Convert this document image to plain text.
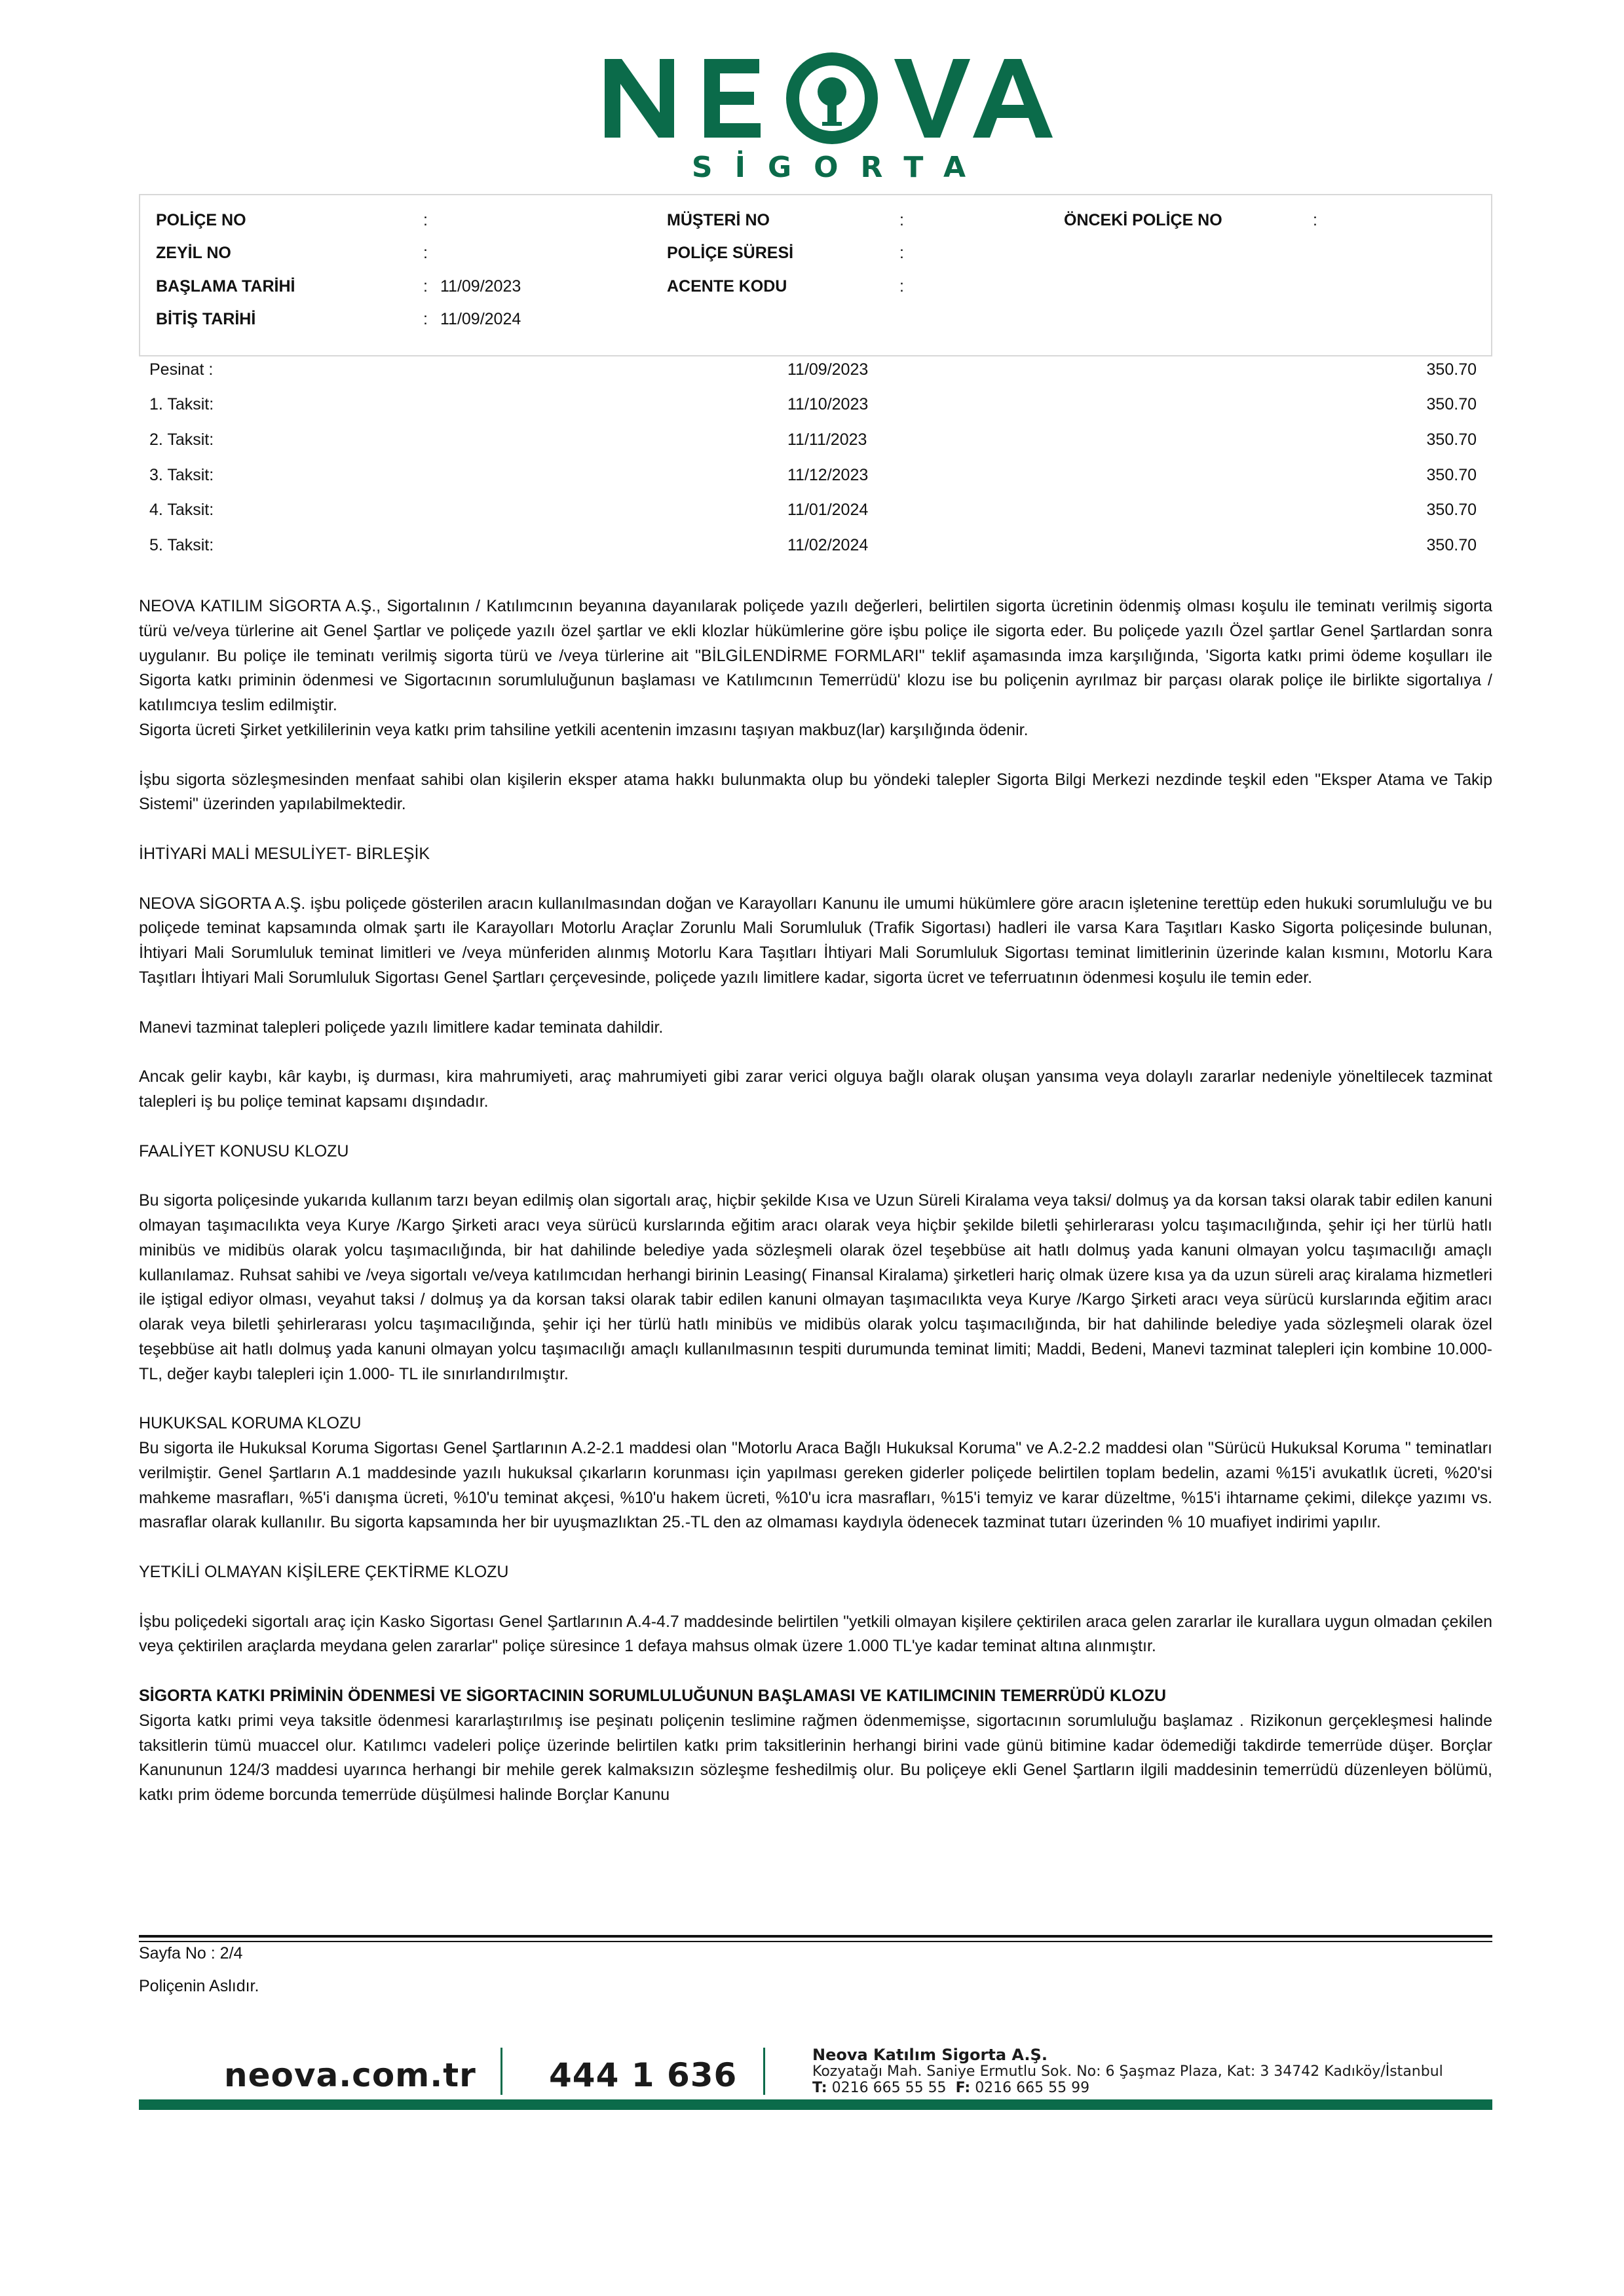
SİGORTA
POLİÇE NO	:	MÜŞTERİ NO	:	ÖNCEKİ POLİÇE NO	:
ZEYİL NO	:	POLİÇE SÜRESİ	:
BAŞLAMA TARİHİ	: 11/09/2023	ACENTE KODU	:
BİTİŞ TARİHİ	: 11/09/2024
Pesinat :	11/09/2023	350.70
1. Taksit:	11/10/2023	350.70
2. Taksit:	11/11/2023	350.70
3. Taksit:	11/12/2023	350.70
4. Taksit:	11/01/2024	350.70
5. Taksit:	11/02/2024	350.70

NEOVA KATILIM SİGORTA A.Ş., Sigortalının / Katılımcının beyanına dayanılarak poliçede yazılı değerleri, belirtilen sigorta ücretinin ödenmiş olması koşulu ile teminatı verilmiş sigorta türü ve/veya türlerine ait Genel Şartlar ve poliçede yazılı özel şartlar ve ekli klozlar hükümlerine göre işbu poliçe ile sigorta eder. Bu poliçede yazılı Özel şartlar Genel Şartlardan sonra uygulanır. Bu poliçe ile teminatı verilmiş sigorta türü ve /veya türlerine ait "BİLGİLENDİRME FORMLARI" teklif aşamasında imza karşılığında, 'Sigorta katkı primi ödeme koşulları ile Sigorta katkı priminin ödenmesi ve Sigortacının sorumluluğunun başlaması ve Katılımcının Temerrüdü' klozu ise bu poliçenin ayrılmaz bir parçası olarak poliçe ile birlikte sigortalıya / katılımcıya teslim edilmiştir.

Sigorta ücreti Şirket yetkililerinin veya katkı prim tahsiline yetkili acentenin imzasını taşıyan makbuz(lar) karşılığında ödenir.

İşbu sigorta sözleşmesinden menfaat sahibi olan kişilerin eksper atama hakkı bulunmakta olup bu yöndeki talepler Sigorta Bilgi Merkezi nezdinde teşkil eden "Eksper Atama ve Takip Sistemi" üzerinden yapılabilmektedir.

İHTİYARİ MALİ MESULİYET- BİRLEŞİK

NEOVA SİGORTA A.Ş. işbu poliçede gösterilen aracın kullanılmasından doğan ve Karayolları Kanunu ile umumi hükümlere göre aracın işletenine terettüp eden hukuki sorumluluğu ve bu poliçede teminat kapsamında olmak şartı ile Karayolları Motorlu Araçlar Zorunlu Mali Sorumluluk (Trafik Sigortası) hadleri ile varsa Kara Taşıtları Kasko Sigorta poliçesinde bulunan, İhtiyari Mali Sorumluluk teminat limitleri ve /veya münferiden alınmış Motorlu Kara Taşıtları İhtiyari Mali Sorumluluk Sigortası teminat limitlerinin üzerinde kalan kısmını, Motorlu Kara Taşıtları İhtiyari Mali Sorumluluk Sigortası Genel Şartları çerçevesinde, poliçede yazılı limitlere kadar, sigorta ücret ve teferruatının ödenmesi koşulu ile temin eder.

Manevi tazminat talepleri poliçede yazılı limitlere kadar teminata dahildir.

Ancak gelir kaybı, kâr kaybı, iş durması, kira mahrumiyeti, araç mahrumiyeti gibi zarar verici olguya bağlı olarak oluşan yansıma veya dolaylı zararlar nedeniyle yöneltilecek tazminat talepleri iş bu poliçe teminat kapsamı dışındadır.

FAALİYET KONUSU KLOZU

Bu sigorta poliçesinde yukarıda kullanım tarzı beyan edilmiş olan sigortalı araç, hiçbir şekilde Kısa ve Uzun Süreli Kiralama veya taksi/ dolmuş ya da korsan taksi olarak tabir edilen kanuni olmayan taşımacılıkta veya Kurye /Kargo Şirketi aracı veya sürücü kurslarında eğitim aracı olarak veya hiçbir şekilde biletli şehirlerarası yolcu taşımacılığında, şehir içi her türlü hatlı minibüs ve midibüs olarak yolcu taşımacılığında, bir hat dahilinde belediye yada sözleşmeli olarak özel teşebbüse ait hatlı dolmuş yada kanuni olmayan yolcu taşımacılığı amaçlı kullanılamaz. Ruhsat sahibi ve /veya sigortalı ve/veya katılımcıdan herhangi birinin Leasing( Finansal Kiralama) şirketleri hariç olmak üzere kısa ya da uzun süreli araç kiralama hizmetleri ile iştigal ediyor olması, veyahut taksi / dolmuş ya da korsan taksi olarak tabir edilen kanuni olmayan taşımacılıkta veya Kurye /Kargo Şirketi aracı veya sürücü kurslarında eğitim aracı olarak veya biletli şehirlerarası yolcu taşımacılığında, şehir içi her türlü hatlı minibüs ve midibüs olarak yolcu taşımacılığında, bir hat dahilinde belediye yada sözleşmeli olarak özel teşebbüse ait hatlı dolmuş yada kanuni olmayan yolcu taşımacılığı amaçlı kullanılmasının tespiti durumunda teminat limiti; Maddi, Bedeni, Manevi tazminat talepleri için kombine 10.000-TL, değer kaybı talepleri için 1.000- TL ile sınırlandırılmıştır.

HUKUKSAL KORUMA KLOZU

Bu sigorta ile Hukuksal Koruma Sigortası Genel Şartlarının A.2-2.1 maddesi olan "Motorlu Araca Bağlı Hukuksal Koruma" ve A.2-2.2 maddesi olan "Sürücü Hukuksal Koruma " teminatları verilmiştir. Genel Şartların A.1 maddesinde yazılı hukuksal çıkarların korunması için yapılması gereken giderler poliçede belirtilen toplam bedelin, azami %15'i avukatlık ücreti, %20'si mahkeme masrafları, %5'i danışma ücreti, %10'u teminat akçesi, %10'u hakem ücreti, %10'u icra masrafları, %15'i temyiz ve karar düzeltme, %15'i ihtarname çekimi, dilekçe yazımı vs. masraflar olarak kullanılır. Bu sigorta kapsamında her bir uyuşmazlıktan 25.-TL den az olmaması kaydıyla ödenecek tazminat tutarı üzerinden % 10 muafiyet indirimi yapılır.

YETKİLİ OLMAYAN KİŞİLERE ÇEKTİRME KLOZU

İşbu poliçedeki sigortalı araç için Kasko Sigortası Genel Şartlarının A.4-4.7 maddesinde belirtilen "yetkili olmayan kişilere çektirilen araca gelen zararlar ile kurallara uygun olmadan çekilen veya çektirilen araçlarda meydana gelen zararlar" poliçe süresince 1 defaya mahsus olmak üzere 1.000 TL'ye kadar teminat altına alınmıştır.

SİGORTA KATKI PRİMİNİN ÖDENMESİ VE SİGORTACININ SORUMLULUĞUNUN BAŞLAMASI VE KATILIMCININ TEMERRÜDÜ KLOZU

Sigorta katkı primi veya taksitle ödenmesi kararlaştırılmış ise peşinatı poliçenin teslimine rağmen ödenmemişse, sigortacının sorumluluğu başlamaz . Rizikonun gerçekleşmesi halinde taksitlerin tümü muaccel olur. Katılımcı vadeleri poliçe üzerinde belirtilen katkı prim taksitlerinin herhangi birini vade günü bitimine kadar ödemediği takdirde temerrüde düşer. Borçlar Kanununun 124/3 maddesi uyarınca herhangi bir mehile gerek kalmaksızın sözleşme feshedilmiş olur. Bu poliçeye ekli Genel Şartların ilgili maddesinin temerrüdü düzenleyen bölümü, katkı prim ödeme borcunda temerrüde düşülmesi halinde Borçlar Kanunu

Sayfa No : 2/4
Poliçenin Aslıdır.
neova.com.tr 444 1 636
Neova Katılım Sigorta A.Ş.
Kozyatağı Mah. Saniye Ermutlu Sok. No: 6 Şaşmaz Plaza, Kat: 3 34742 Kadıköy/İstanbul
T: 0216 665 55 55 F: 0216 665 55 99
